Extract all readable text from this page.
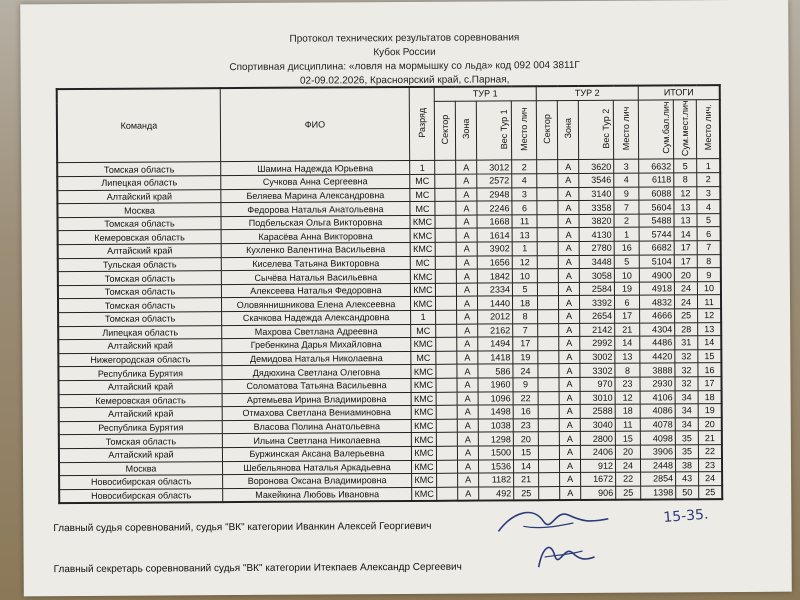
Протокол технических результатов соревнования
Кубок России
Спортивная дисциплина: «ловля на мормышку со льда» код 092 004 3811Г
02-09.02.2026, Красноярский край, с.Парная,
Команда	ФИО	Разряд	ТУР 1				ТУР 2				ИТОГИ		
			Сектор	Зона	Вес Тур 1	Место лич	Сектор	Зона	Вес Тур 2	Место лич	Сум.бал.лич	Сум.мест.лич	Место лич.
Томская область	Шамина Надежда Юрьевна	1		А	3012	2		А	3620	3	6632	5	1
Липецкая область	Сучкова Анна Сергеевна	МС		А	2572	4		А	3546	4	6118	8	2
Алтайский край	Беляева Марина Александровна	МС		А	2948	3		А	3140	9	6088	12	3
Москва	Федорова Наталья Анатольевна	МС		А	2246	6		А	3358	7	5604	13	4
Томская область	Подбельская Ольга Викторовна	КМС		А	1668	11		А	3820	2	5488	13	5
Кемеровская область	Карасёва Анна Викторовна	КМС		А	1614	13		А	4130	1	5744	14	6
Алтайский край	Кухленко Валентина Васильевна	КМС		А	3902	1		А	2780	16	6682	17	7
Тульская область	Киселева Татьяна Викторовна	МС		А	1656	12		А	3448	5	5104	17	8
Томская область	Сычёва Наталья Васильевна	КМС		А	1842	10		А	3058	10	4900	20	9
Томская область	Алексеева Наталья Федоровна	КМС		А	2334	5		А	2584	19	4918	24	10
Томская область	Оловяннишникова Елена Алексеевна	КМС		А	1440	18		А	3392	6	4832	24	11
Томская область	Скачкова Надежда Александровна	1		А	2012	8		А	2654	17	4666	25	12
Липецкая область	Махрова Светлана Адреевна	МС		А	2162	7		А	2142	21	4304	28	13
Алтайский край	Гребенкина Дарья Михайловна	КМС		А	1494	17		А	2992	14	4486	31	14
Нижегородская область	Демидова Наталья Николаевна	МС		А	1418	19		А	3002	13	4420	32	15
Республика Бурятия	Дядюхина Светлана Олеговна	КМС		А	586	24		А	3302	8	3888	32	16
Алтайский край	Соломатова Татьяна Васильевна	КМС		А	1960	9		А	970	23	2930	32	17
Кемеровская область	Артемьева Ирина Владимировна	КМС		А	1096	22		А	3010	12	4106	34	18
Алтайский край	Отмахова Светлана Вениаминовна	КМС		А	1498	16		А	2588	18	4086	34	19
Республика Бурятия	Власова Полина Анатольевна	КМС		А	1038	23		А	3040	11	4078	34	20
Томская область	Ильина Светлана Николаевна	КМС		А	1298	20		А	2800	15	4098	35	21
Алтайский край	Буржинская Аксана Валерьевна	КМС		А	1500	15		А	2406	20	3906	35	22
Москва	Шебельянова Наталья Аркадьевна	КМС		А	1536	14		А	912	24	2448	38	23
Новосибирская область	Воронова Оксана Владимировна	КМС		А	1182	21		А	1672	22	2854	43	24
Новосибирская область	Макейкина Любовь Ивановна	КМС		А	492	25		А	906	25	1398	50	25
Главный судья соревнований, судья "ВК" категории Иванкин Алексей Георгиевич
Главный секретарь соревнований судья "ВК" категории Итекпаев Александр Сергеевич
15-35.
